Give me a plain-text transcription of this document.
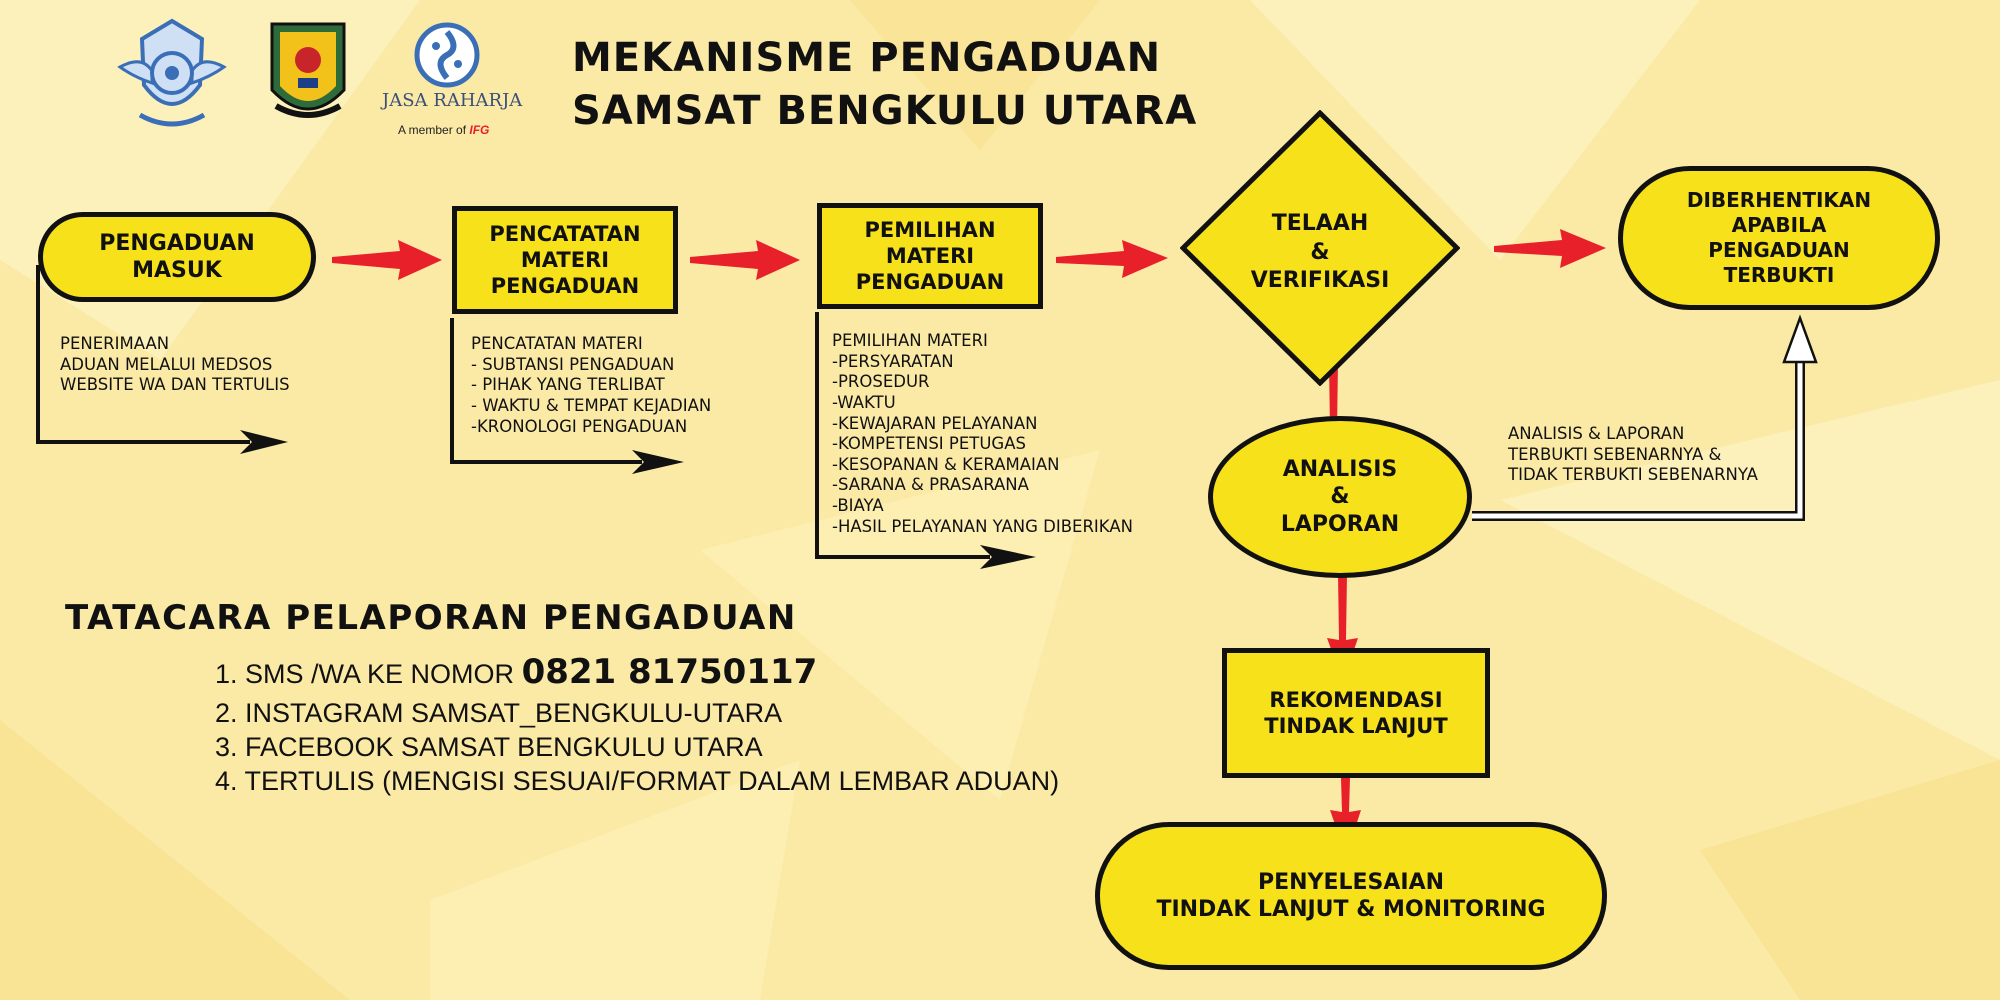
JASA RAHARJA
A member of IFG
MEKANISME PENGADUAN
SAMSAT BENGKULU UTARA
PENGADUAN
MASUK
PENCATATAN
MATERI
PENGADUAN
PEMILIHAN
MATERI
PENGADUAN
TELAAH
&
VERIFIKASI
DIBERHENTIKAN
APABILA
PENGADUAN
TERBUKTI
ANALISIS
&
LAPORAN
REKOMENDASI
TINDAK LANJUT
PENYELESAIAN
TINDAK LANJUT & MONITORING
PENERIMAAN
ADUAN MELALUI MEDSOS
WEBSITE WA DAN TERTULIS
PENCATATAN MATERI
- SUBTANSI PENGADUAN
- PIHAK YANG TERLIBAT
- WAKTU & TEMPAT KEJADIAN
-KRONOLOGI PENGADUAN
PEMILIHAN MATERI
-PERSYARATAN
-PROSEDUR
-WAKTU
-KEWAJARAN PELAYANAN
-KOMPETENSI PETUGAS
-KESOPANAN & KERAMAIAN
-SARANA & PRASARANA
-BIAYA
-HASIL PELAYANAN YANG DIBERIKAN
ANALISIS & LAPORAN
TERBUKTI SEBENARNYA &
TIDAK TERBUKTI SEBENARNYA
TATACARA PELAPORAN PENGADUAN
1. SMS /WA KE NOMOR 0821 81750117
2. INSTAGRAM SAMSAT_BENGKULU-UTARA
3. FACEBOOK SAMSAT BENGKULU UTARA
4. TERTULIS (MENGISI SESUAI/FORMAT DALAM LEMBAR ADUAN)
